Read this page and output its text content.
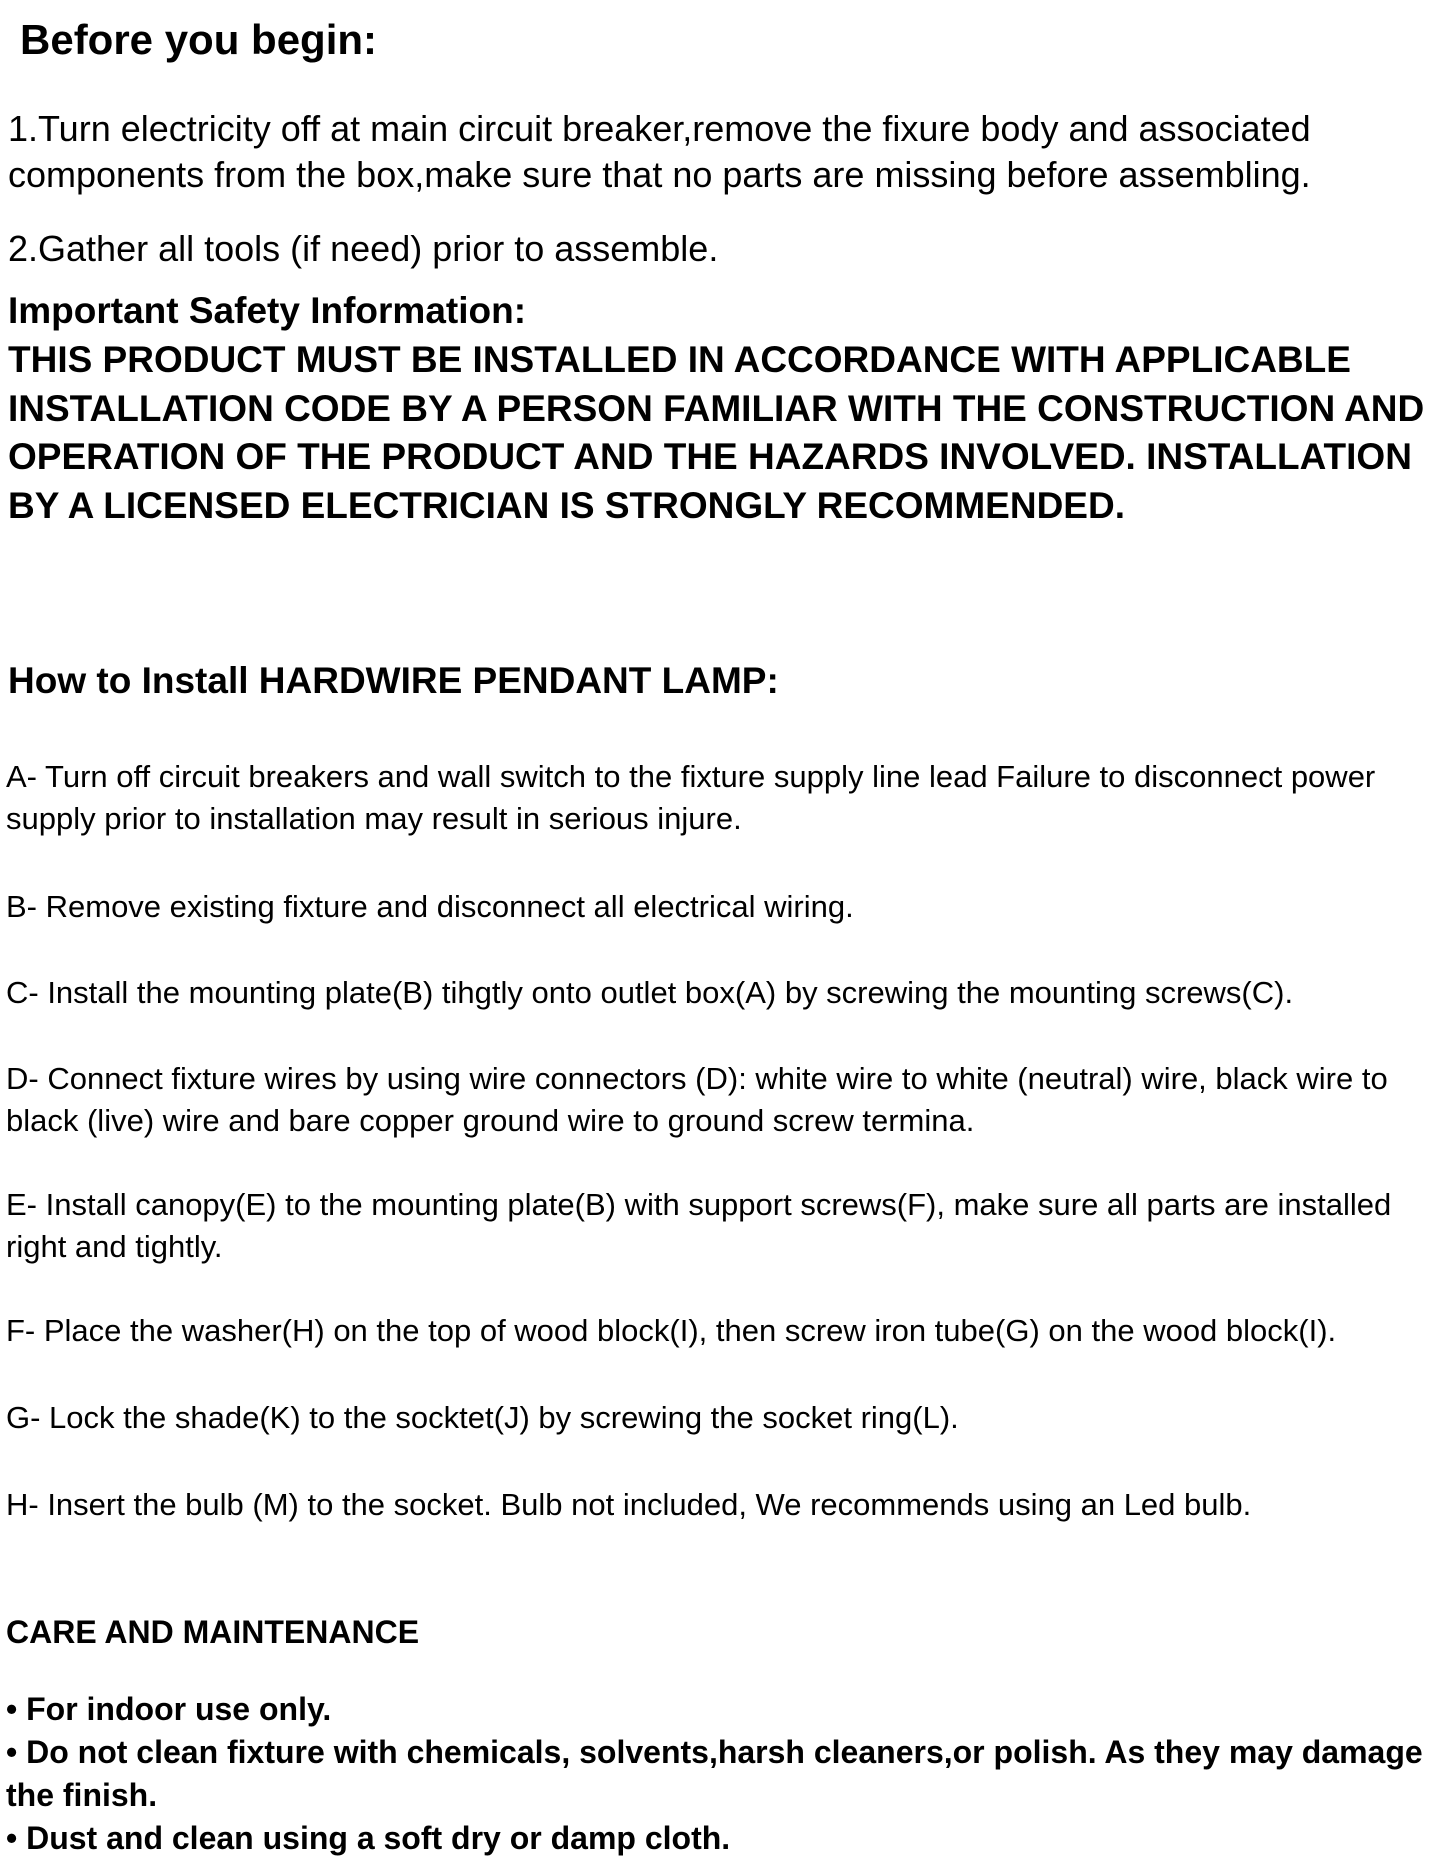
Before you begin:

1.Turn electricity off at main circuit breaker,remove the fixure body and associated components from the box,make sure that no parts are missing before assembling.

2.Gather all tools (if need) prior to assemble.

Important Safety Information:

THIS PRODUCT MUST BE INSTALLED IN ACCORDANCE WITH APPLICABLE INSTALLATION CODE BY A PERSON FAMILIAR WITH THE CONSTRUCTION AND OPERATION OF THE PRODUCT AND THE HAZARDS INVOLVED. INSTALLATION BY A LICENSED ELECTRICIAN IS STRONGLY RECOMMENDED.

How to Install HARDWIRE PENDANT LAMP:

A- Turn off circuit breakers and wall switch to the fixture supply line lead Failure to disconnect power supply prior to installation may result in serious injure.

B- Remove existing fixture and disconnect all electrical wiring.

C- Install the mounting plate(B) tihgtly onto outlet box(A) by screwing the mounting screws(C).

D- Connect fixture wires by using wire connectors (D): white wire to white (neutral) wire, black wire to black (live) wire and bare copper ground wire to ground screw termina.

E- Install canopy(E) to the mounting plate(B) with support screws(F), make sure all parts are installed right and tightly.

F- Place the washer(H) on the top of wood block(I), then screw iron tube(G) on the wood block(I).

G- Lock the shade(K) to the socktet(J) by screwing the socket ring(L).

H- Insert the bulb (M) to the socket. Bulb not included, We recommends using an Led bulb.

CARE AND MAINTENANCE
• For indoor use only.
• Do not clean fixture with chemicals, solvents,harsh cleaners,or polish. As they may damage the finish.
• Dust and clean using a soft dry or damp cloth.
